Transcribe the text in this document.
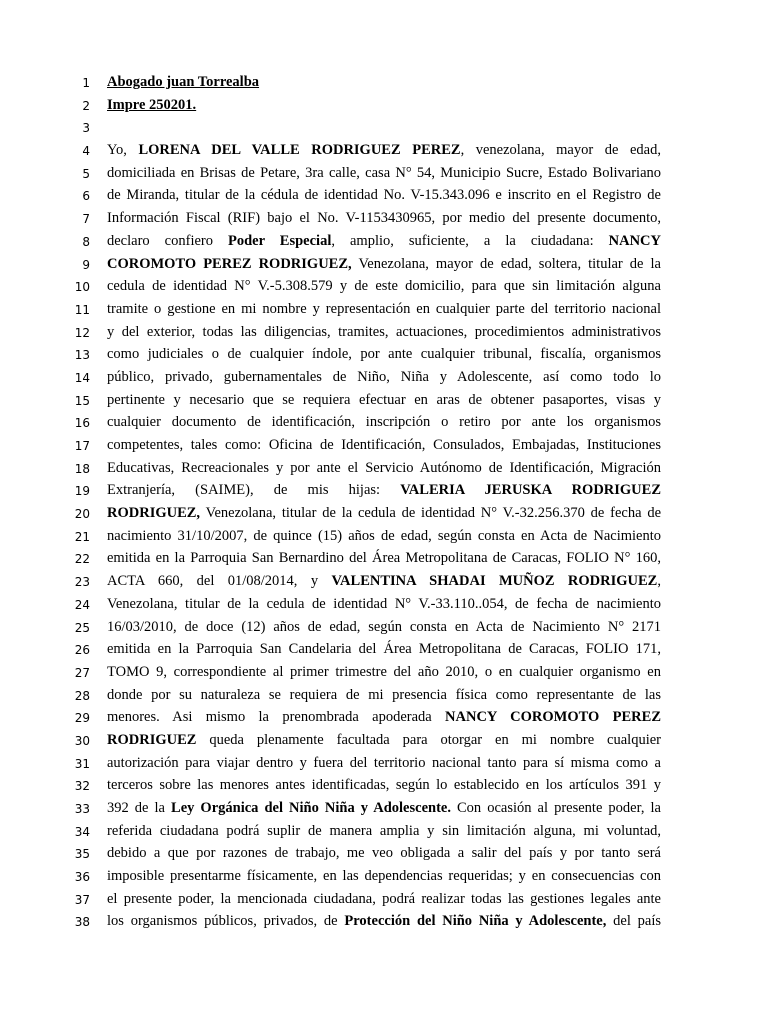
1 Abogado juan Torrealba
2 Impre 250201.
3
4 Yo, LORENA DEL VALLE RODRIGUEZ PEREZ, venezolana, mayor de edad,
5 domiciliada en Brisas de Petare, 3ra calle, casa N° 54, Municipio Sucre, Estado Bolivariano
6 de Miranda, titular de la cédula de identidad No. V-15.343.096 e inscrito en el Registro de
7 Información Fiscal (RIF) bajo el No. V-1153430965, por medio del presente documento,
8 declaro confiero Poder Especial, amplio, suficiente, a la ciudadana: NANCY
9 COROMOTO PEREZ RODRIGUEZ, Venezolana, mayor de edad, soltera, titular de la
10 cedula de identidad N° V.-5.308.579 y de este domicilio, para que sin limitación alguna
11 tramite o gestione en mi nombre y representación en cualquier parte del territorio nacional
12 y del exterior, todas las diligencias, tramites, actuaciones, procedimientos administrativos
13 como judiciales o de cualquier índole, por ante cualquier tribunal, fiscalía, organismos
14 público, privado, gubernamentales de Niño, Niña y Adolescente, así como todo lo
15 pertinente y necesario que se requiera efectuar en aras de obtener pasaportes, visas y
16 cualquier documento de identificación, inscripción o retiro por ante los organismos
17 competentes, tales como: Oficina de Identificación, Consulados, Embajadas, Instituciones
18 Educativas, Recreacionales y por ante el Servicio Autónomo de Identificación, Migración
19 Extranjería, (SAIME), de mis hijas: VALERIA JERUSKA RODRIGUEZ
20 RODRIGUEZ, Venezolana, titular de la cedula de identidad N° V.-32.256.370 de fecha de
21 nacimiento 31/10/2007, de quince (15) años de edad, según consta en Acta de Nacimiento
22 emitida en la Parroquia San Bernardino del Área Metropolitana de Caracas, FOLIO N° 160,
23 ACTA 660, del 01/08/2014, y VALENTINA SHADAI MUÑOZ RODRIGUEZ,
24 Venezolana, titular de la cedula de identidad N° V.-33.110..054, de fecha de nacimiento
25 16/03/2010, de doce (12) años de edad, según consta en Acta de Nacimiento N° 2171
26 emitida en la Parroquia San Candelaria del Área Metropolitana de Caracas, FOLIO 171,
27 TOMO 9, correspondiente al primer trimestre del año 2010, o en cualquier organismo en
28 donde por su naturaleza se requiera de mi presencia física como representante de las
29 menores. Asi mismo la prenombrada apoderada NANCY COROMOTO PEREZ
30 RODRIGUEZ queda plenamente facultada para otorgar en mi nombre cualquier
31 autorización para viajar dentro y fuera del territorio nacional tanto para sí misma como a
32 terceros sobre las menores antes identificadas, según lo establecido en los artículos 391 y
33 392 de la Ley Orgánica del Niño Niña y Adolescente. Con ocasión al presente poder, la
34 referida ciudadana podrá suplir de manera amplia y sin limitación alguna, mi voluntad,
35 debido a que por razones de trabajo, me veo obligada a salir del país y por tanto será
36 imposible presentarme físicamente, en las dependencias requeridas; y en consecuencias con
37 el presente poder, la mencionada ciudadana, podrá realizar todas las gestiones legales ante
38 los organismos públicos, privados, de Protección del Niño Niña y Adolescente, del país
